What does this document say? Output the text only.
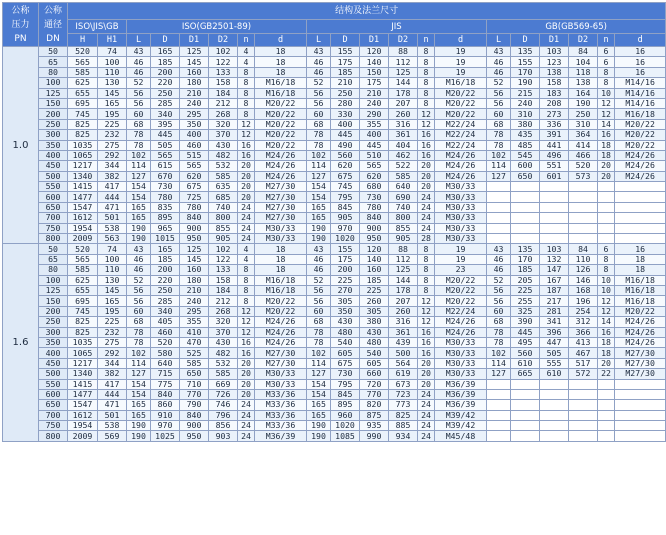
公称
压力
PN	公称
通径
DN	结构及法兰尺寸																			
		ISO\JIS\GB		ISO(GB2501-89)						JIS						GB(GB569-65)					
		H	H1	L	D	D1	D2	n	d	L	D	D1	D2	n	d	L	D	D1	D2	n	d
1.0	50	520	74	43	165	125	102	4	18	43	155	120	88	8	19	43	135	103	84	6	16
	65	565	100	46	185	145	122	4	18	46	175	140	112	8	19	46	155	123	104	6	16
	80	585	110	46	200	160	133	8	18	46	185	150	125	8	19	46	170	138	118	8	16
	100	625	130	52	220	180	158	8	M16/18	52	210	175	144	8	M16/18	52	190	158	138	8	M14/16
	125	655	145	56	250	210	184	8	M16/18	56	250	210	178	8	M20/22	56	215	183	164	10	M14/16
	150	695	165	56	285	240	212	8	M20/22	56	280	240	207	8	M20/22	56	240	208	190	12	M14/16
	200	745	195	60	340	295	268	8	M20/22	60	330	290	260	12	M20/22	60	310	273	250	12	M16/18
	250	825	225	68	395	350	320	12	M20/22	68	400	355	316	12	M22/24	68	380	336	310	14	M20/22
	300	825	232	78	445	400	370	12	M20/22	78	445	400	361	16	M22/24	78	435	391	364	16	M20/22
	350	1035	275	78	505	460	430	16	M20/22	78	490	445	404	16	M22/24	78	485	441	414	18	M20/22
	400	1065	292	102	565	515	482	16	M24/26	102	560	510	462	16	M24/26	102	545	496	466	18	M24/26
	450	1217	344	114	615	565	532	20	M24/26	114	620	565	522	20	M24/26	114	600	551	520	20	M24/26
	500	1340	382	127	670	620	585	20	M24/26	127	675	620	585	20	M24/26	127	650	601	573	20	M24/26
	550	1415	417	154	730	675	635	20	M27/30	154	745	680	640	20	M30/33						
	600	1477	444	154	780	725	685	20	M27/30	154	795	730	690	24	M30/33						
	650	1547	471	165	835	780	740	24	M27/30	165	845	780	740	24	M30/33						
	700	1612	501	165	895	840	800	24	M27/30	165	905	840	800	24	M30/33						
	750	1954	538	190	965	900	855	24	M30/33	190	970	900	855	24	M30/33						
	800	2009	563	190	1015	950	905	24	M30/33	190	1020	950	905	28	M30/33						
1.6	50	520	74	43	165	125	102	4	18	43	155	120	88	8	19	43	135	103	84	6	16
	65	565	100	46	185	145	122	4	18	46	175	140	112	8	19	46	170	132	110	8	18
	80	585	110	46	200	160	133	8	18	46	200	160	125	8	23	46	185	147	126	8	18
	100	625	130	52	220	180	158	8	M16/18	52	225	185	144	8	M20/22	52	205	167	146	10	M16/18
	125	655	145	56	250	210	184	8	M16/18	56	270	225	178	8	M20/22	56	225	187	168	10	M16/18
	150	695	165	56	285	240	212	8	M20/22	56	305	260	207	12	M20/22	56	255	217	196	12	M16/18
	200	745	195	60	340	295	268	12	M20/22	60	350	305	260	12	M22/24	60	325	281	254	12	M20/22
	250	825	225	68	405	355	320	12	M24/26	68	430	380	316	12	M24/26	68	390	341	312	14	M24/26
	300	825	232	78	460	410	370	12	M24/26	78	480	430	361	16	M24/26	78	445	396	366	16	M24/26
	350	1035	275	78	520	470	430	16	M24/26	78	540	480	439	16	M30/33	78	495	447	413	18	M24/26
	400	1065	292	102	580	525	482	16	M27/30	102	605	540	500	16	M30/33	102	560	505	467	18	M27/30
	450	1217	344	114	640	585	532	20	M27/30	114	675	605	564	20	M30/33	114	610	555	517	20	M27/30
	500	1340	382	127	715	650	585	20	M30/33	127	730	660	619	20	M30/33	127	665	610	572	22	M27/30
	550	1415	417	154	775	710	669	20	M30/33	154	795	720	673	20	M36/39						
	600	1477	444	154	840	770	726	20	M33/36	154	845	770	723	24	M36/39						
	650	1547	471	165	860	790	746	24	M33/36	165	895	820	773	24	M36/39						
	700	1612	501	165	910	840	796	24	M33/36	165	960	875	825	24	M39/42						
	750	1954	538	190	970	900	856	24	M33/36	190	1020	935	885	24	M39/42						
	800	2009	569	190	1025	950	903	24	M36/39	190	1085	990	934	24	M45/48						
